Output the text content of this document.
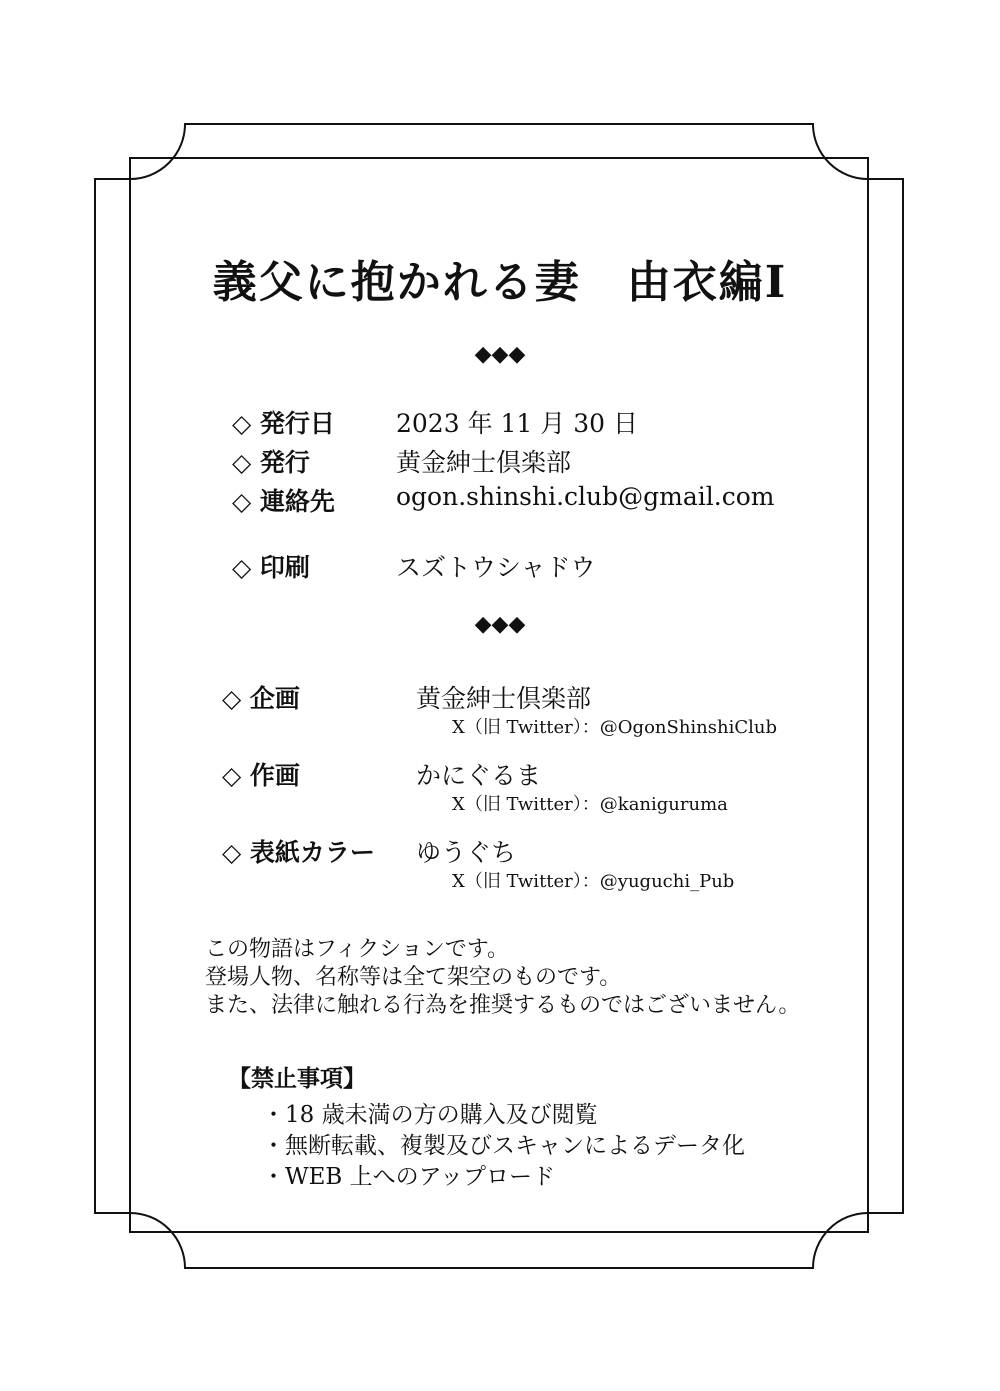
義父に抱かれる妻　由衣編Ⅰ
◆◆◆
◇ 発行日 2023 年 11 月 30 日
◇ 発行	黄金紳士倶楽部
◇ 連絡先 ogon.shinshi.club@gmail.com
◇ 印刷	スズトウシャドウ
◆◆◆
◇ 企画	黄金紳士倶楽部
X（旧 Twitter）：@OgonShinshiClub
◇ 作画	かにぐるま
X（旧 Twitter）：@kaniguruma
◇ 表紙カラー ゆうぐち
X（旧 Twitter）：@yuguchi_Pub
この物語はフィクションです。
登場人物、名称等は全て架空のものです。
また、法律に触れる行為を推奨するものではございません。
【禁止事項】
・18 歳未満の方の購入及び閲覧
・無断転載、複製及びスキャンによるデータ化
・WEB 上へのアップロード
